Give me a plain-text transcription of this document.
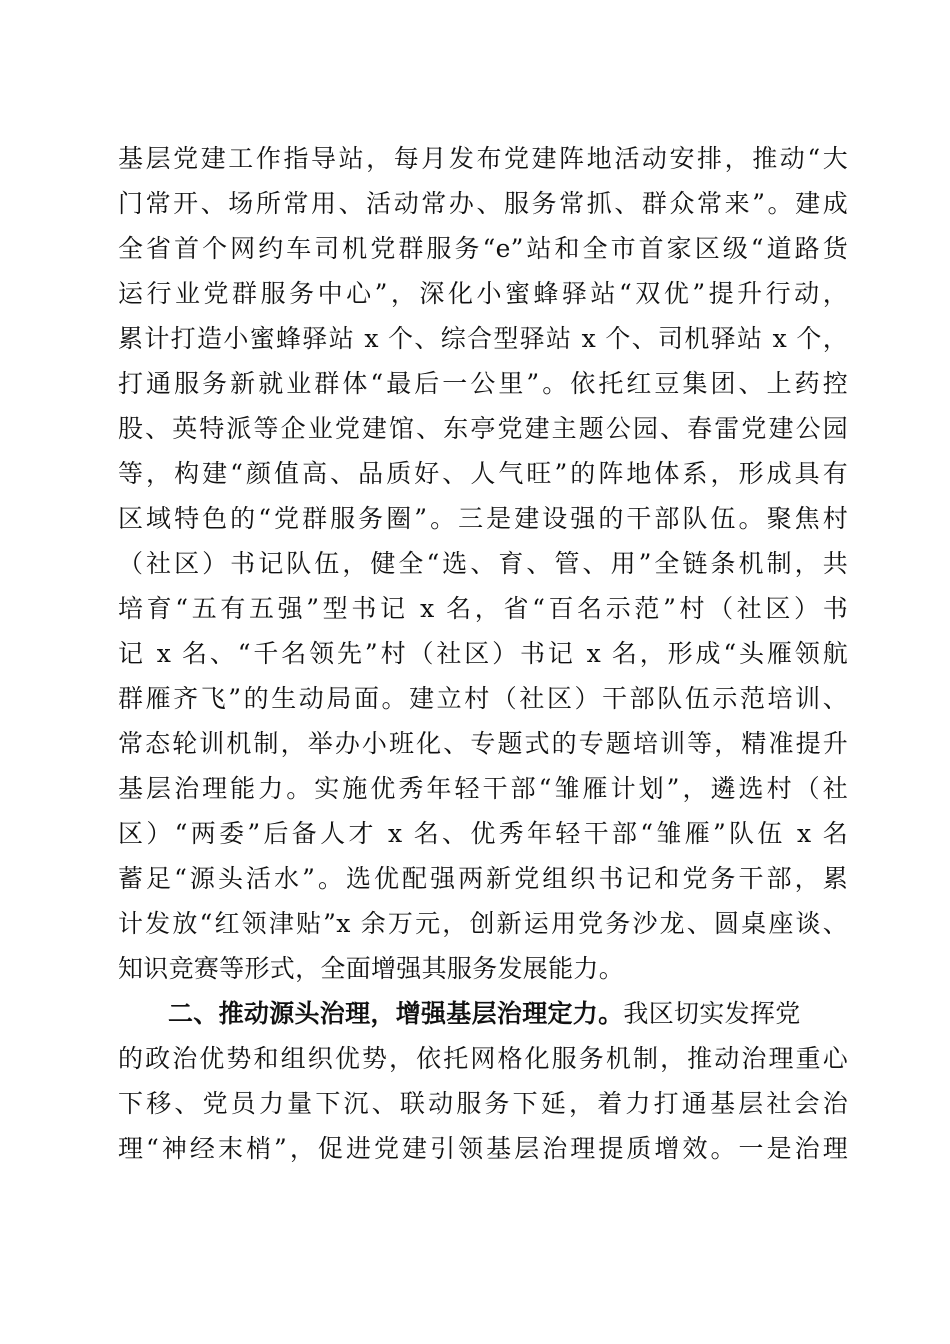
基层党建工作指导站，每月发布党建阵地活动安排，推动“大
门常开、场所常用、活动常办、服务常抓、群众常来”。建成
全省首个网约车司机党群服务“e”站和全市首家区级“道路货
运行业党群服务中心”，深化小蜜蜂驿站“双优”提升行动，
累计打造小蜜蜂驿站 x 个、综合型驿站 x 个、司机驿站 x 个，
打通服务新就业群体“最后一公里”。依托红豆集团、上药控
股、英特派等企业党建馆、东亭党建主题公园、春雷党建公园
等，构建“颜值高、品质好、人气旺”的阵地体系，形成具有
区域特色的“党群服务圈”。三是建设强的干部队伍。聚焦村
（社区）书记队伍，健全“选、育、管、用”全链条机制，共
培育“五有五强”型书记 x 名，省“百名示范”村（社区）书
记 x 名、“千名领先”村（社区）书记 x 名，形成“头雁领航
群雁齐飞”的生动局面。建立村（社区）干部队伍示范培训、
常态轮训机制，举办小班化、专题式的专题培训等，精准提升
基层治理能力。实施优秀年轻干部“雏雁计划”，遴选村（社
区）“两委”后备人才 x 名、优秀年轻干部“雏雁”队伍 x 名
蓄足“源头活水”。选优配强两新党组织书记和党务干部，累
计发放“红领津贴”x 余万元，创新运用党务沙龙、圆桌座谈、
知识竞赛等形式，全面增强其服务发展能力。
二、推动源头治理，增强基层治理定力。我区切实发挥党
的政治优势和组织优势，依托网格化服务机制，推动治理重心
下移、党员力量下沉、联动服务下延，着力打通基层社会治
理“神经末梢”，促进党建引领基层治理提质增效。一是治理
